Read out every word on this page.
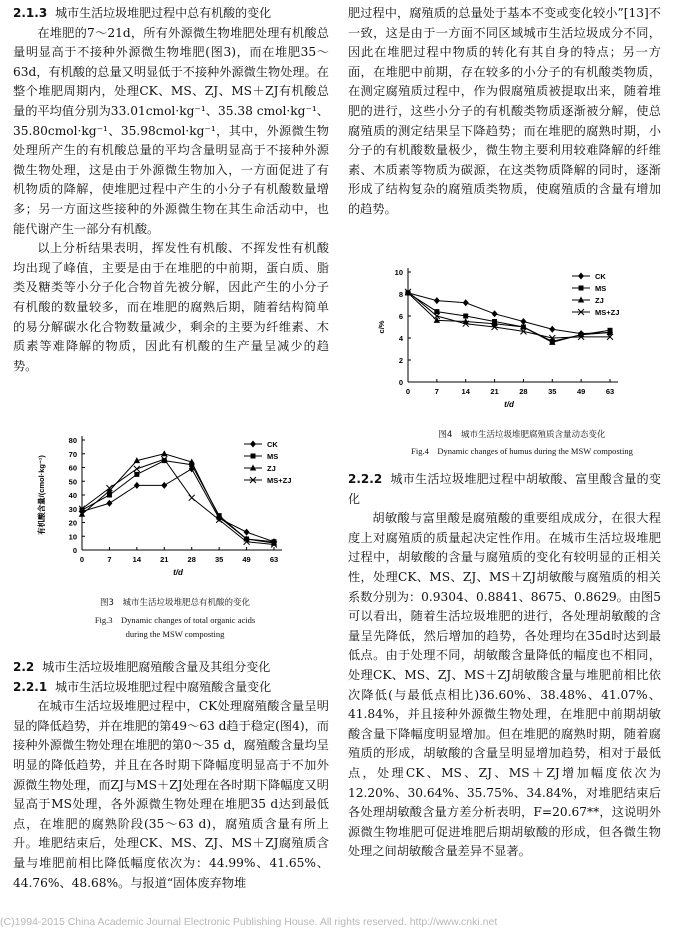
2.1.3 城市生活垃圾堆肥过程中总有机酸的变化

在堆肥的7～21d，所有外源微生物堆肥处理有机酸总量明显高于不接种外源微生物堆肥(图3)，而在堆肥35～63d，有机酸的总量又明显低于不接种外源微生物处理。在整个堆肥周期内，处理CK、MS、ZJ、MS＋ZJ有机酸总量的平均值分别为33.01cmol·kg⁻¹、35.38 cmol·kg⁻¹、35.80cmol·kg⁻¹、35.98cmol·kg⁻¹，其中，外源微生物处理所产生的有机酸总量的平均含量明显高于不接种外源微生物处理，这是由于外源微生物加入，一方面促进了有机物质的降解，使堆肥过程中产生的小分子有机酸数量增多；另一方面这些接种的外源微生物在其生命活动中，也能代谢产生一部分有机酸。

以上分析结果表明，挥发性有机酸、不挥发性有机酸均出现了峰值，主要是由于在堆肥的中前期，蛋白质、脂类及糖类等小分子化合物首先被分解，因此产生的小分子有机酸的数量较多，而在堆肥的腐熟后期，随着结构简单的易分解碳水化合物数量减少，剩余的主要为纤维素、木质素等难降解的物质，因此有机酸的生产量呈减少的趋势。

0
10
20
30
40
50
60
70
80
0	7	14	21	28	35	49	63
t/d
有机酸含量/(cmol·kg⁻¹)
CK
MS
ZJ
MS+ZJ
图3　城市生活垃圾堆肥总有机酸的变化
Fig.3　Dynamic changes of total organic acids
during the MSW composting

2.2 城市生活垃圾堆肥腐殖酸含量及其组分变化

2.2.1 城市生活垃圾堆肥过程中腐殖酸含量变化

在城市生活垃圾堆肥过程中，CK处理腐殖酸含量呈明显的降低趋势，并在堆肥的第49～63 d趋于稳定(图4)，而接种外源微生物处理在堆肥的第0～35 d，腐殖酸含量均呈明显的降低趋势，并且在各时期下降幅度明显高于不加外源微生物处理，而ZJ与MS＋ZJ处理在各时期下降幅度又明显高于MS处理，各外源微生物处理在堆肥35 d达到最低点，在堆肥的腐熟阶段(35～63 d)，腐殖质含量有所上升。堆肥结束后，处理CK、MS、ZJ、MS＋ZJ腐殖质含量与堆肥前相比降低幅度依次为：44.99%、41.65%、44.76%、48.68%。与报道“固体废弃物堆

肥过程中，腐殖质的总量处于基本不变或变化较小”[13]不一致，这是由于一方面不同区域城市生活垃圾成分不同，因此在堆肥过程中物质的转化有其自身的特点；另一方面，在堆肥中前期，存在较多的小分子的有机酸类物质，在测定腐殖质过程中，作为假腐殖质被提取出来，随着堆肥的进行，这些小分子的有机酸类物质逐渐被分解，使总腐殖质的测定结果呈下降趋势；而在堆肥的腐熟时期，小分子的有机酸数量极少，微生物主要利用较难降解的纤维素、木质素等物质为碳源，在这类物质降解的同时，逐渐形成了结构复杂的腐殖质类物质，使腐殖质的含量有增加的趋势。

0
2
4
6
8
10
0	7	14	21	28	35	49	63
t/d
c/%
CK
MS
ZJ
MS+ZJ
图4　城市生活垃圾堆肥腐殖质含量动态变化
Fig.4　Dynamic changes of humus during the MSW composting

2.2.2 城市生活垃圾堆肥过程中胡敏酸、富里酸含量的变化

胡敏酸与富里酸是腐殖酸的重要组成成分，在很大程度上对腐殖质的质量起决定性作用。在城市生活垃圾堆肥过程中，胡敏酸的含量与腐殖质的变化有较明显的正相关性，处理CK、MS、ZJ、MS＋ZJ胡敏酸与腐殖质的相关系数分别为：0.9304、0.8841、8675、0.8629。由图5可以看出，随着生活垃圾堆肥的进行，各处理胡敏酸的含量呈先降低，然后增加的趋势，各处理均在35d时达到最低点。由于处理不同，胡敏酸含量降低的幅度也不相同，处理CK、MS、ZJ、MS＋ZJ胡敏酸含量与堆肥前相比依次降低(与最低点相比)36.60%、38.48%、41.07%、41.84%，并且接种外源微生物处理，在堆肥中前期胡敏酸含量下降幅度明显增加。但在堆肥的腐熟时期，随着腐殖质的形成，胡敏酸的含量呈明显增加趋势，相对于最低点，处理CK、MS、ZJ、MS＋ZJ增加幅度依次为12.20%、30.64%、35.75%、34.84%，对堆肥结束后各处理胡敏酸含量方差分析表明，F=20.67**，这说明外源微生物堆肥可促进堆肥后期胡敏酸的形成，但各微生物处理之间胡敏酸含量差异不显著。

(C)1994-2015 China Academic Journal Electronic Publishing House. All rights reserved. http://www.cnki.net
